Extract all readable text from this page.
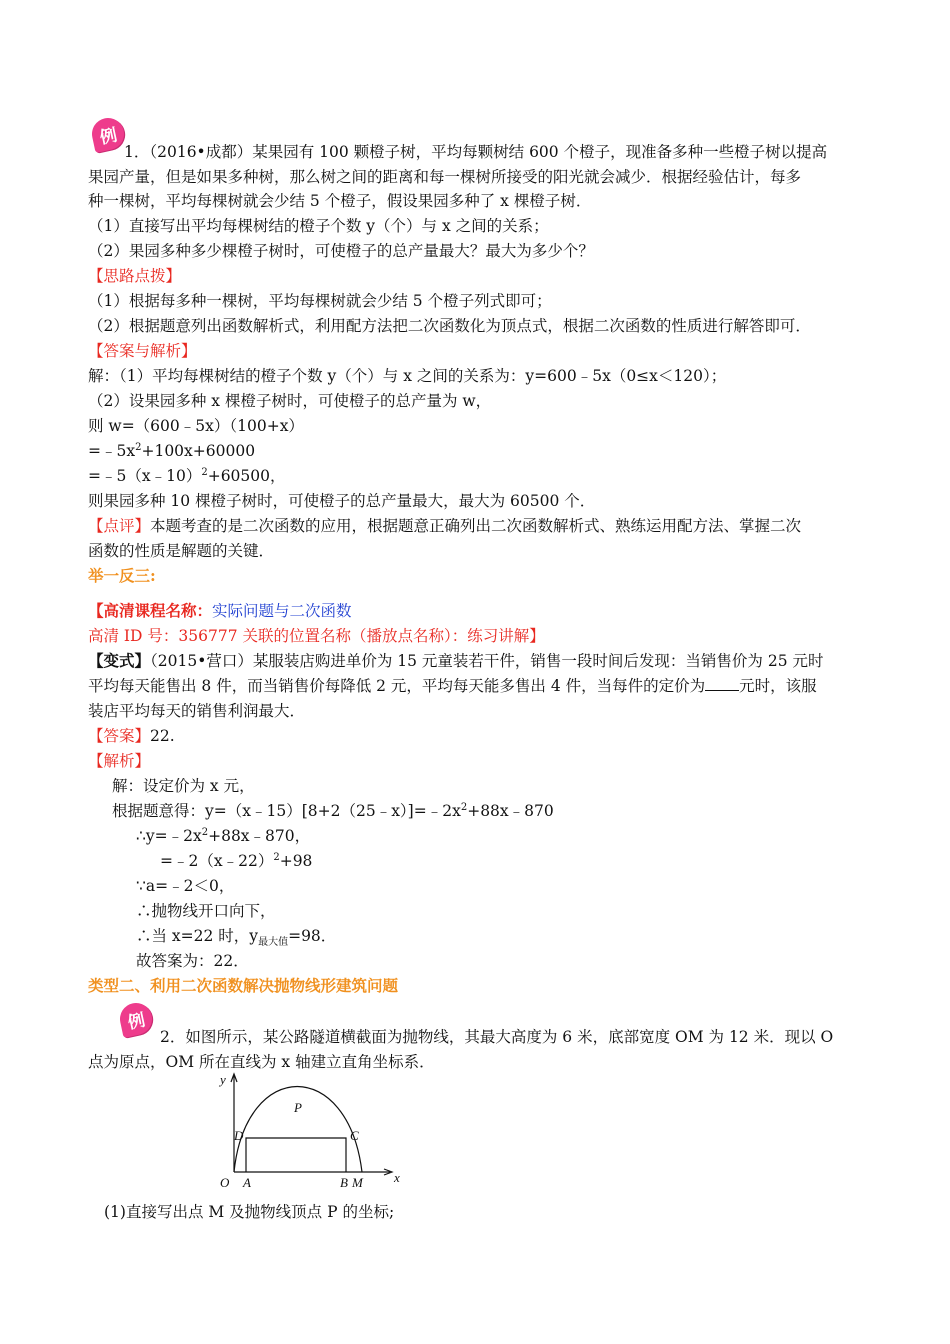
例
1．（2016•成都）某果园有 100 颗橙子树，平均每颗树结 600 个橙子，现准备多种一些橙子树以提高
果园产量，但是如果多种树，那么树之间的距离和每一棵树所接受的阳光就会减少．根据经验估计，每多
种一棵树，平均每棵树就会少结 5 个橙子，假设果园多种了 x 棵橙子树．
（1）直接写出平均每棵树结的橙子个数 y（个）与 x 之间的关系；
（2）果园多种多少棵橙子树时，可使橙子的总产量最大？最大为多少个？
【思路点拨】
（1）根据每多种一棵树，平均每棵树就会少结 5 个橙子列式即可；
（2）根据题意列出函数解析式，利用配方法把二次函数化为顶点式，根据二次函数的性质进行解答即可．
【答案与解析】
解：（1）平均每棵树结的橙子个数 y（个）与 x 之间的关系为：y=600﹣5x（0≤x＜120）；
（2）设果园多种 x 棵橙子树时，可使橙子的总产量为 w，
则 w=（600﹣5x）（100+x）
$=﹣5x^2+100x+60000$
=﹣5（x﹣10）$^2$+60500，
则果园多种 10 棵橙子树时，可使橙子的总产量最大，最大为 60500 个．
【点评】本题考查的是二次函数的应用，根据题意正确列出二次函数解析式、熟练运用配方法、掌握二次
函数的性质是解题的关键．
举一反三:
【高清课程名称：实际问题与二次函数
高清 ID 号：356777 关联的位置名称（播放点名称）：练习讲解】
【变式】（2015•营口）某服装店购进单价为 15 元童装若干件，销售一段时间后发现：当销售价为 25 元时
平均每天能售出 8 件，而当销售价每降低 2 元，平均每天能多售出 4 件，当每件的定价为 元时，该服
装店平均每天的销售利润最大．
【答案】22.
【解析】
解：设定价为 x 元，
根据题意得：$y=(x﹣15)[8+2(25﹣x)]=﹣2x^2+88x﹣870$
$\therefore y=﹣2x^2+88x﹣870$，
=﹣2（x﹣22）$^2$+98
∵a=﹣2＜0，
∴抛物线开口向下，
∴当 x=22 时，$y_{最大值}=98$．
故答案为：22．
类型二、利用二次函数解决抛物线形建筑问题
例
2．如图所示，某公路隧道横截面为抛物线，其最大高度为 6 米，底部宽度 OM 为 12 米．现以 O
点为原点，OM 所在直线为 x 轴建立直角坐标系．
y
x
O A	B M
C
D
P
(1)直接写出点 M 及抛物线顶点 P 的坐标;
